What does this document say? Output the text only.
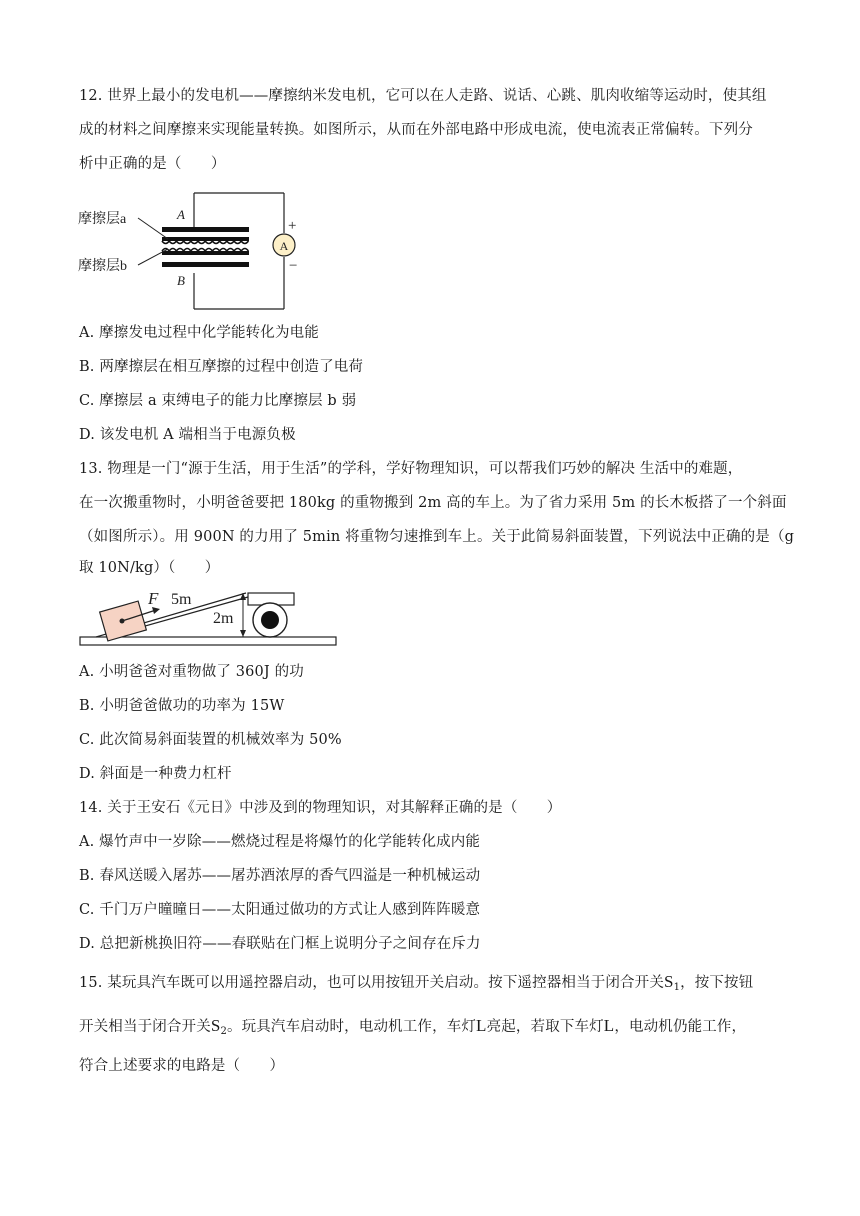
12. 世界上最小的发电机——摩擦纳米发电机，它可以在人走路、说话、心跳、肌肉收缩等运动时，使其组
成的材料之间摩擦来实现能量转换。如图所示，从而在外部电路中形成电流，使电流表正常偏转。下列分
析中正确的是（　　）
摩擦层a
摩擦层b
A
B
A
+
−
A. 摩擦发电过程中化学能转化为电能
B. 两摩擦层在相互摩擦的过程中创造了电荷
C. 摩擦层 a 束缚电子的能力比摩擦层 b 弱
D. 该发电机 A 端相当于电源负极
13. 物理是一门“源于生活，用于生活”的学科，学好物理知识，可以帮我们巧妙的解决 生活中的难题，
在一次搬重物时，小明爸爸要把 180kg 的重物搬到 2m 高的车上。为了省力采用 5m 的长木板搭了一个斜面
（如图所示）。用 900N 的力用了 5min 将重物匀速推到车上。关于此简易斜面装置，下列说法中正确的是（g
取 10N/kg）（　　）
F 5m
2m
A. 小明爸爸对重物做了 360J 的功
B. 小明爸爸做功的功率为 15W
C. 此次简易斜面装置的机械效率为 50%
D. 斜面是一种费力杠杆
14. 关于王安石《元日》中涉及到的物理知识，对其解释正确的是（　　）
A. 爆竹声中一岁除——燃烧过程是将爆竹的化学能转化成内能
B. 春风送暖入屠苏——屠苏酒浓厚的香气四溢是一种机械运动
C. 千门万户曈曈日——太阳通过做功的方式让人感到阵阵暖意
D. 总把新桃换旧符——春联贴在门框上说明分子之间存在斥力
15. 某玩具汽车既可以用遥控器启动，也可以用按钮开关启动。按下遥控器相当于闭合开关$S_1$，按下按钮
开关相当于闭合开关$S_2$。玩具汽车启动时，电动机工作，车灯L亮起，若取下车灯L，电动机仍能工作，
符合上述要求的电路是（　　）
